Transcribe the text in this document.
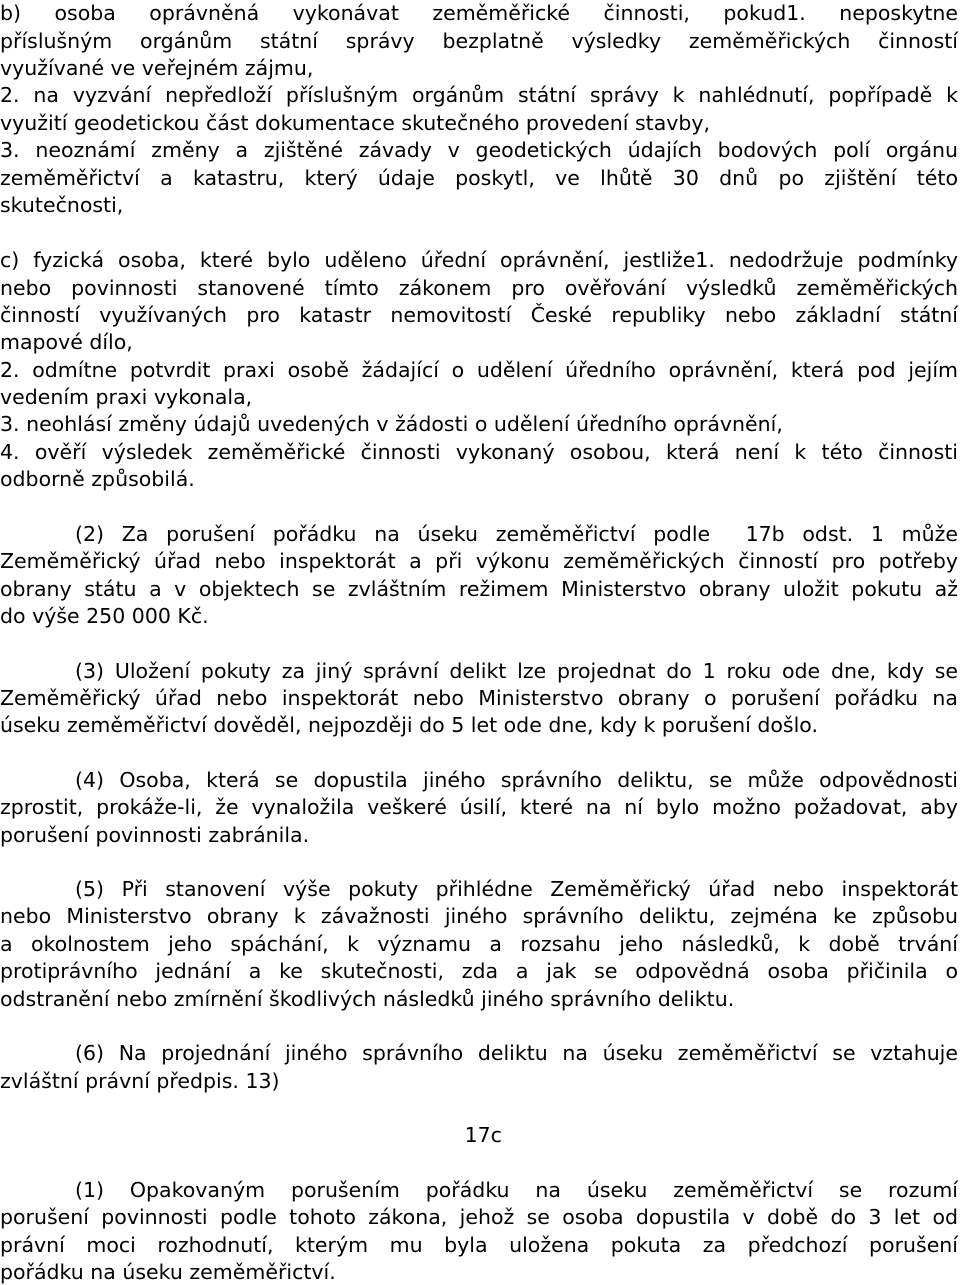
b) osoba oprávněná vykonávat zeměměřické činnosti, pokud1. neposkytne
příslušným orgánům státní správy bezplatně výsledky zeměměřických činností
využívané ve veřejném zájmu,
2. na vyzvání nepředloží příslušným orgánům státní správy k nahlédnutí, popřípadě k
využití geodetickou část dokumentace skutečného provedení stavby,
3. neoznámí změny a zjištěné závady v geodetických údajích bodových polí orgánu
zeměměřictví a katastru, který údaje poskytl, ve lhůtě 30 dnů po zjištění této
skutečnosti,
c) fyzická osoba, které bylo uděleno úřední oprávnění, jestliže1. nedodržuje podmínky
nebo povinnosti stanovené tímto zákonem pro ověřování výsledků zeměměřických
činností využívaných pro katastr nemovitostí České republiky nebo základní státní
mapové dílo,
2. odmítne potvrdit praxi osobě žádající o udělení úředního oprávnění, která pod jejím
vedením praxi vykonala,
3. neohlásí změny údajů uvedených v žádosti o udělení úředního oprávnění,
4. ověří výsledek zeměměřické činnosti vykonaný osobou, která není k této činnosti
odborně způsobilá.
(2) Za porušení pořádku na úseku zeměměřictví podle  17b odst. 1 může
Zeměměřický úřad nebo inspektorát a při výkonu zeměměřických činností pro potřeby
obrany státu a v objektech se zvláštním režimem Ministerstvo obrany uložit pokutu až
do výše 250 000 Kč.
(3) Uložení pokuty za jiný správní delikt lze projednat do 1 roku ode dne, kdy se
Zeměměřický úřad nebo inspektorát nebo Ministerstvo obrany o porušení pořádku na
úseku zeměměřictví dověděl, nejpozději do 5 let ode dne, kdy k porušení došlo.
(4) Osoba, která se dopustila jiného správního deliktu, se může odpovědnosti
zprostit, prokáže-li, že vynaložila veškeré úsilí, které na ní bylo možno požadovat, aby
porušení povinnosti zabránila.
(5) Při stanovení výše pokuty přihlédne Zeměměřický úřad nebo inspektorát
nebo Ministerstvo obrany k závažnosti jiného správního deliktu, zejména ke způsobu
a okolnostem jeho spáchání, k významu a rozsahu jeho následků, k době trvání
protiprávního jednání a ke skutečnosti, zda a jak se odpovědná osoba přičinila o
odstranění nebo zmírnění škodlivých následků jiného správního deliktu.
(6) Na projednání jiného správního deliktu na úseku zeměměřictví se vztahuje
zvláštní právní předpis. 13)
17c
(1) Opakovaným porušením pořádku na úseku zeměměřictví se rozumí
porušení povinnosti podle tohoto zákona, jehož se osoba dopustila v době do 3 let od
právní moci rozhodnutí, kterým mu byla uložena pokuta za předchozí porušení
pořádku na úseku zeměměřictví.
